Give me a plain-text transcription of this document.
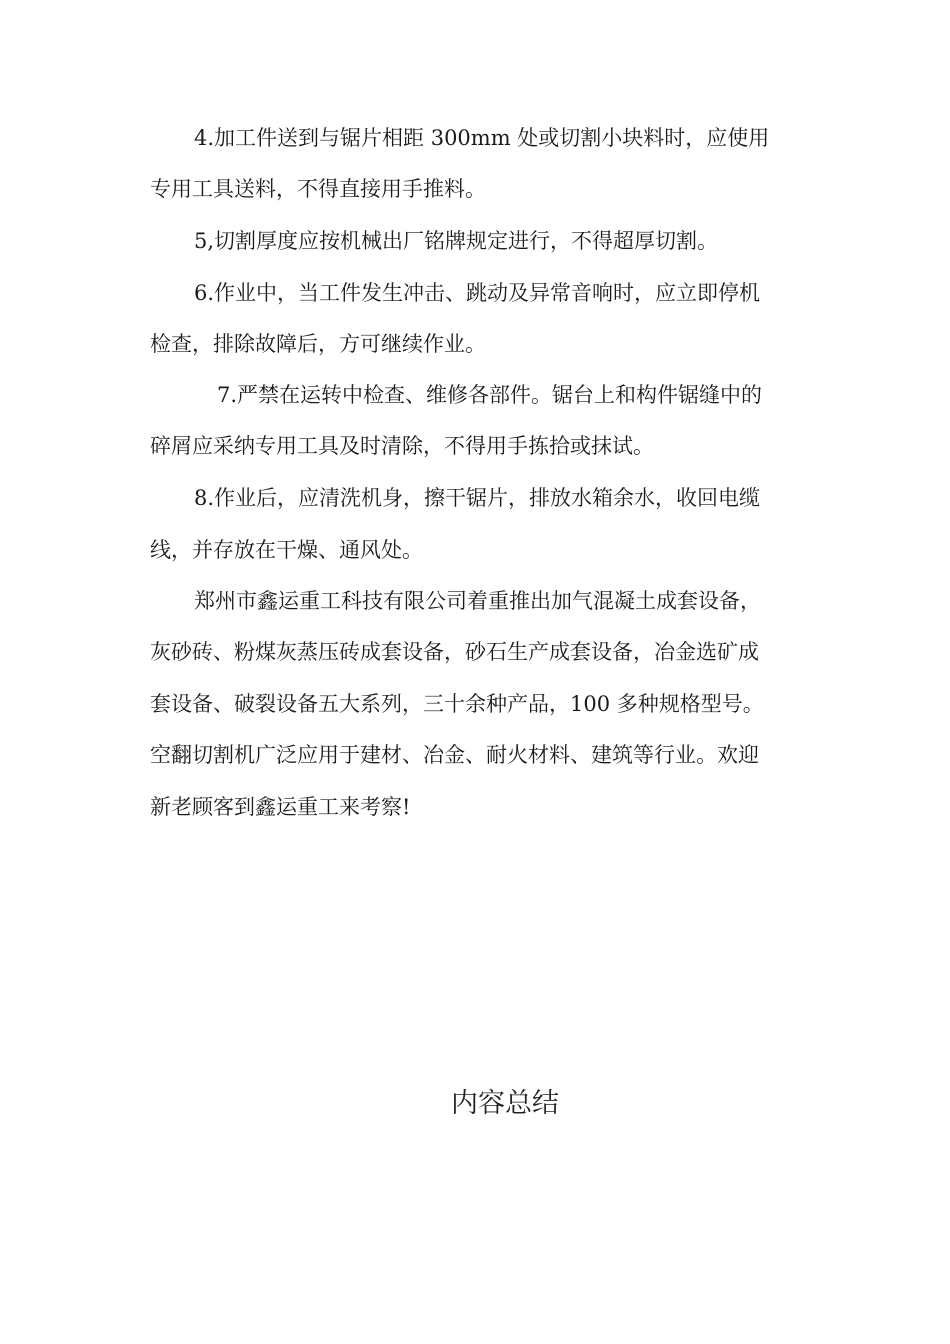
4.加工件送到与锯片相距 300mm 处或切割小块料时，应使用
专用工具送料，不得直接用手推料。
5,切割厚度应按机械出厂铭牌规定进行，不得超厚切割。
6.作业中，当工件发生冲击、跳动及异常音响时，应立即停机
检查，排除故障后，方可继续作业。
7.严禁在运转中检查、维修各部件。锯台上和构件锯缝中的
碎屑应采纳专用工具及时清除，不得用手拣拾或抹试。
8.作业后，应清洗机身，擦干锯片，排放水箱余水，收回电缆
线，并存放在干燥、通风处。
郑州市鑫运重工科技有限公司着重推出加气混凝土成套设备，
灰砂砖、粉煤灰蒸压砖成套设备，砂石生产成套设备，冶金选矿成
套设备、破裂设备五大系列，三十余种产品，100 多种规格型号。
空翻切割机广泛应用于建材、冶金、耐火材料、建筑等行业。欢迎
新老顾客到鑫运重工来考察!
内容总结
